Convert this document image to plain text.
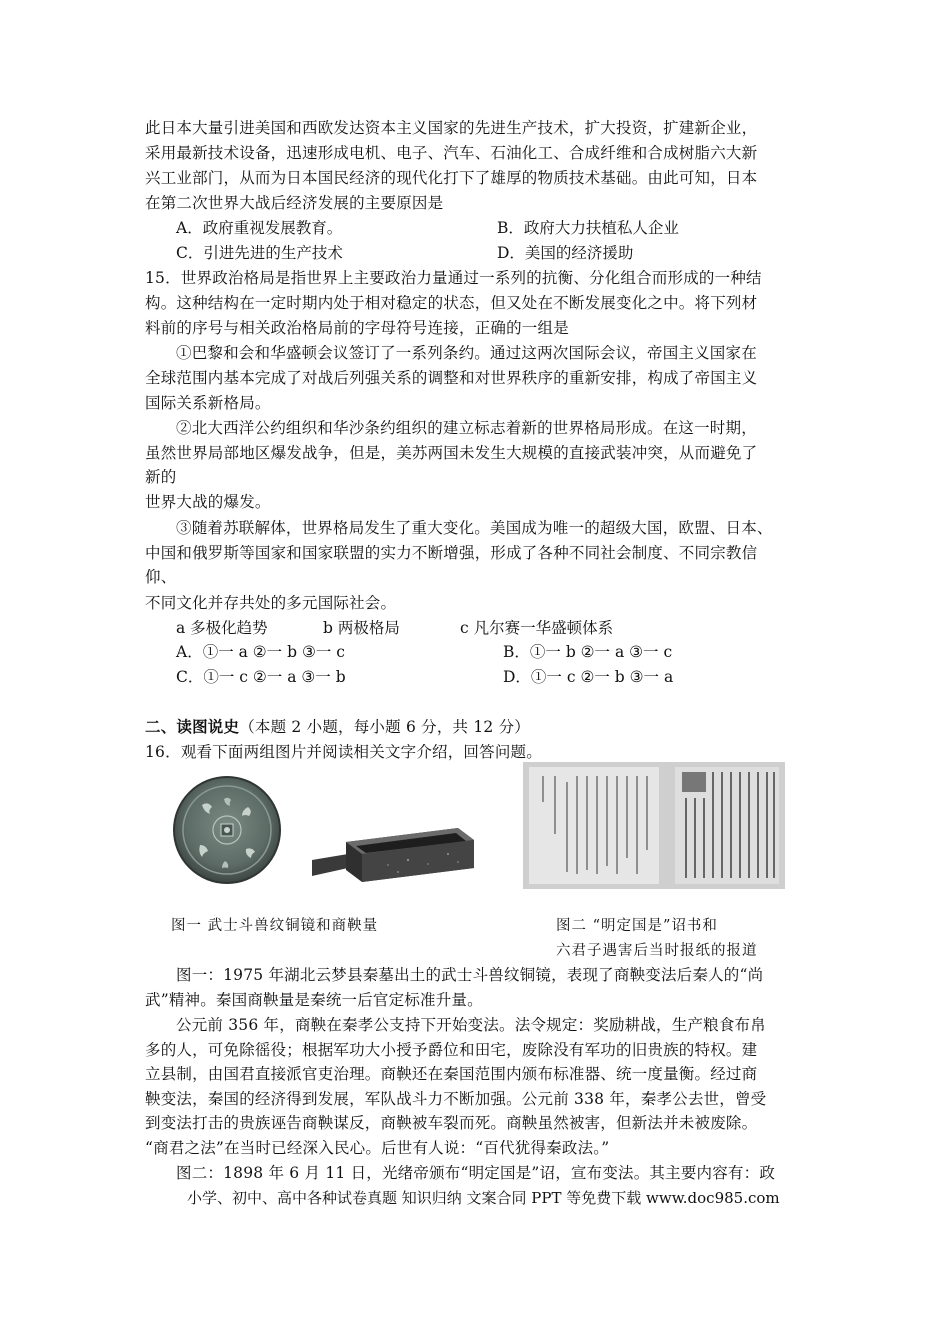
此日本大量引进美国和西欧发达资本主义国家的先进生产技术，扩大投资，扩建新企业，
采用最新技术设备，迅速形成电机、电子、汽车、石油化工、合成纤维和合成树脂六大新
兴工业部门，从而为日本国民经济的现代化打下了雄厚的物质技术基础。由此可知，日本
在第二次世界大战后经济发展的主要原因是
A．政府重视发展教育。	B．政府大力扶植私人企业
C．引进先进的生产技术	D．美国的经济援助
15．世界政治格局是指世界上主要政治力量通过一系列的抗衡、分化组合而形成的一种结
构。这种结构在一定时期内处于相对稳定的状态，但又处在不断发展变化之中。将下列材
料前的序号与相关政治格局前的字母符号连接，正确的一组是
①巴黎和会和华盛顿会议签订了一系列条约。通过这两次国际会议，帝国主义国家在
全球范围内基本完成了对战后列强关系的调整和对世界秩序的重新安排，构成了帝国主义
国际关系新格局。
②北大西洋公约组织和华沙条约组织的建立标志着新的世界格局形成。在这一时期，
虽然世界局部地区爆发战争，但是，美苏两国未发生大规模的直接武装冲突，从而避免了
新的
世界大战的爆发。
③随着苏联解体，世界格局发生了重大变化。美国成为唯一的超级大国，欧盟、日本、
中国和俄罗斯等国家和国家联盟的实力不断增强，形成了各种不同社会制度、不同宗教信
仰、
不同文化并存共处的多元国际社会。
a 多极化趋势	b 两极格局	c 凡尔赛一华盛顿体系
A．①一 a ②一 b ③一 c	B．①一 b ②一 a ③一 c
C．①一 c ②一 a ③一 b	D．①一 c ②一 b ③一 a
二、读图说史（本题 2 小题，每小题 6 分，共 12 分）
16．观看下面两组图片并阅读相关文字介绍，回答问题。
图一 武士斗兽纹铜镜和商鞅量	图二 “明定国是”诏书和
六君子遇害后当时报纸的报道
图一：1975 年湖北云梦县秦墓出土的武士斗兽纹铜镜，表现了商鞅变法后秦人的“尚
武”精神。秦国商鞅量是秦统一后官定标准升量。
公元前 356 年，商鞅在秦孝公支持下开始变法。法令规定：奖励耕战，生产粮食布帛
多的人，可免除徭役；根据军功大小授予爵位和田宅，废除没有军功的旧贵族的特权。建
立县制，由国君直接派官吏治理。商鞅还在秦国范围内颁布标准器、统一度量衡。经过商
鞅变法，秦国的经济得到发展，军队战斗力不断加强。公元前 338 年，秦孝公去世，曾受
到变法打击的贵族诬告商鞅谋反，商鞅被车裂而死。商鞅虽然被害，但新法并未被废除。
“商君之法”在当时已经深入民心。后世有人说：“百代犹得秦政法。”
图二：1898 年 6 月 11 日，光绪帝颁布“明定国是”诏，宣布变法。其主要内容有：政
小学、初中、高中各种试卷真题 知识归纳 文案合同 PPT 等免费下载 www.doc985.com
